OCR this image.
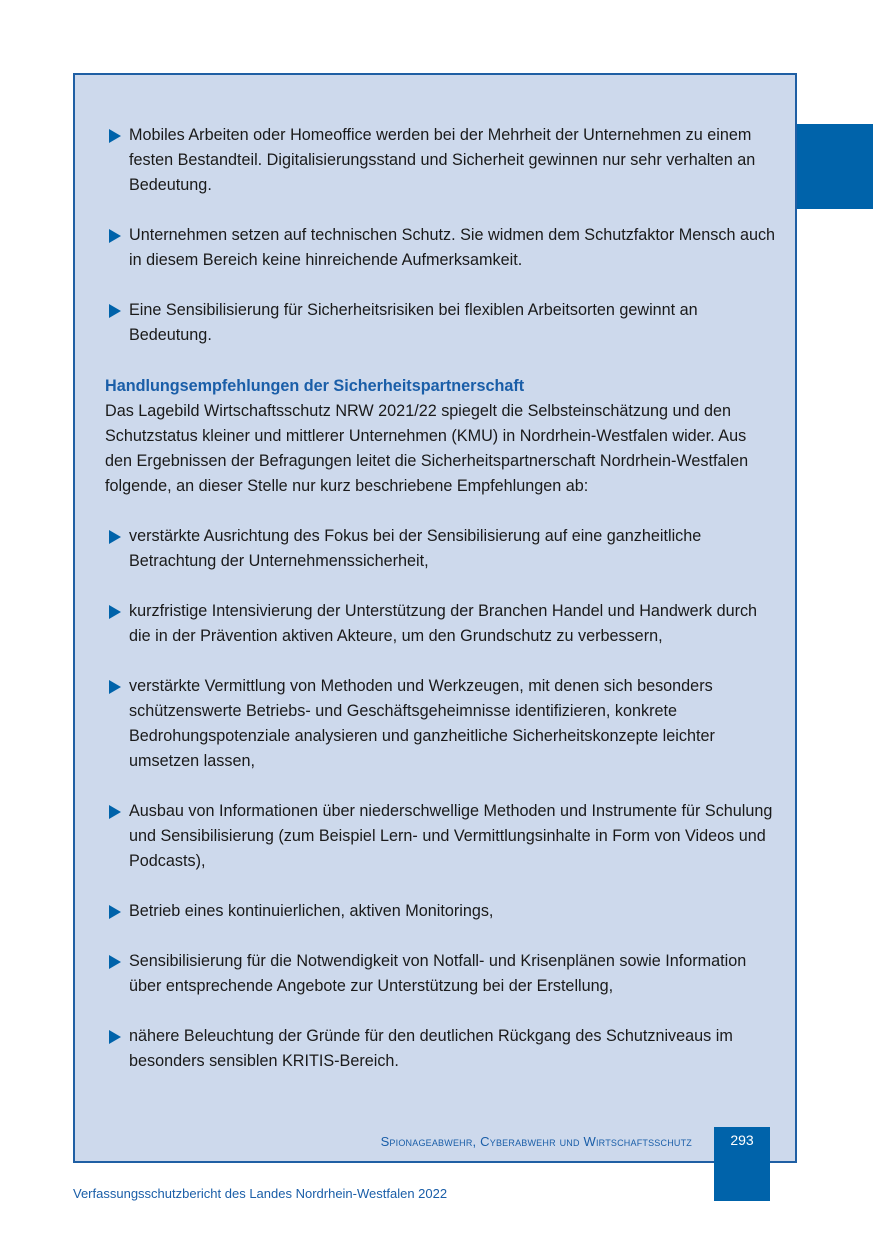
Mobiles Arbeiten oder Homeoffice werden bei der Mehrheit der Unternehmen zu einem festen Bestandteil. Digitalisierungsstand und Sicherheit gewinnen nur sehr verhalten an Bedeutung.
Unternehmen setzen auf technischen Schutz. Sie widmen dem Schutzfaktor Mensch auch in diesem Bereich keine hinreichende Aufmerksamkeit.
Eine Sensibilisierung für Sicherheitsrisiken bei flexiblen Arbeitsorten gewinnt an Bedeutung.
Handlungsempfehlungen der Sicherheitspartnerschaft
Das Lagebild Wirtschaftsschutz NRW 2021/22 spiegelt die Selbsteinschätzung und den Schutzstatus kleiner und mittlerer Unternehmen (KMU) in Nordrhein-Westfalen wider. Aus den Ergebnissen der Befragungen leitet die Sicherheitspartnerschaft Nordrhein-Westfalen folgende, an dieser Stelle nur kurz beschriebene Empfehlungen ab:
verstärkte Ausrichtung des Fokus bei der Sensibilisierung auf eine ganzheitliche Betrachtung der Unternehmenssicherheit,
kurzfristige Intensivierung der Unterstützung der Branchen Handel und Handwerk durch die in der Prävention aktiven Akteure, um den Grundschutz zu verbessern,
verstärkte Vermittlung von Methoden und Werkzeugen, mit denen sich besonders schützenswerte Betriebs- und Geschäftsgeheimnisse identifizieren, konkrete Bedrohungspotenziale analysieren und ganzheitliche Sicherheitskonzepte leichter umsetzen lassen,
Ausbau von Informationen über niederschwellige Methoden und Instrumente für Schulung und Sensibilisierung (zum Beispiel Lern- und Vermittlungsinhalte in Form von Videos und Podcasts),
Betrieb eines kontinuierlichen, aktiven Monitorings,
Sensibilisierung für die Notwendigkeit von Notfall- und Krisenplänen sowie Information über entsprechende Angebote zur Unterstützung bei der Erstellung,
nähere Beleuchtung der Gründe für den deutlichen Rückgang des Schutzniveaus im besonders sensiblen KRITIS-Bereich.
Spionageabwehr, Cyberabwehr und Wirtschaftsschutz	293
Verfassungsschutzbericht des Landes Nordrhein-Westfalen 2022
